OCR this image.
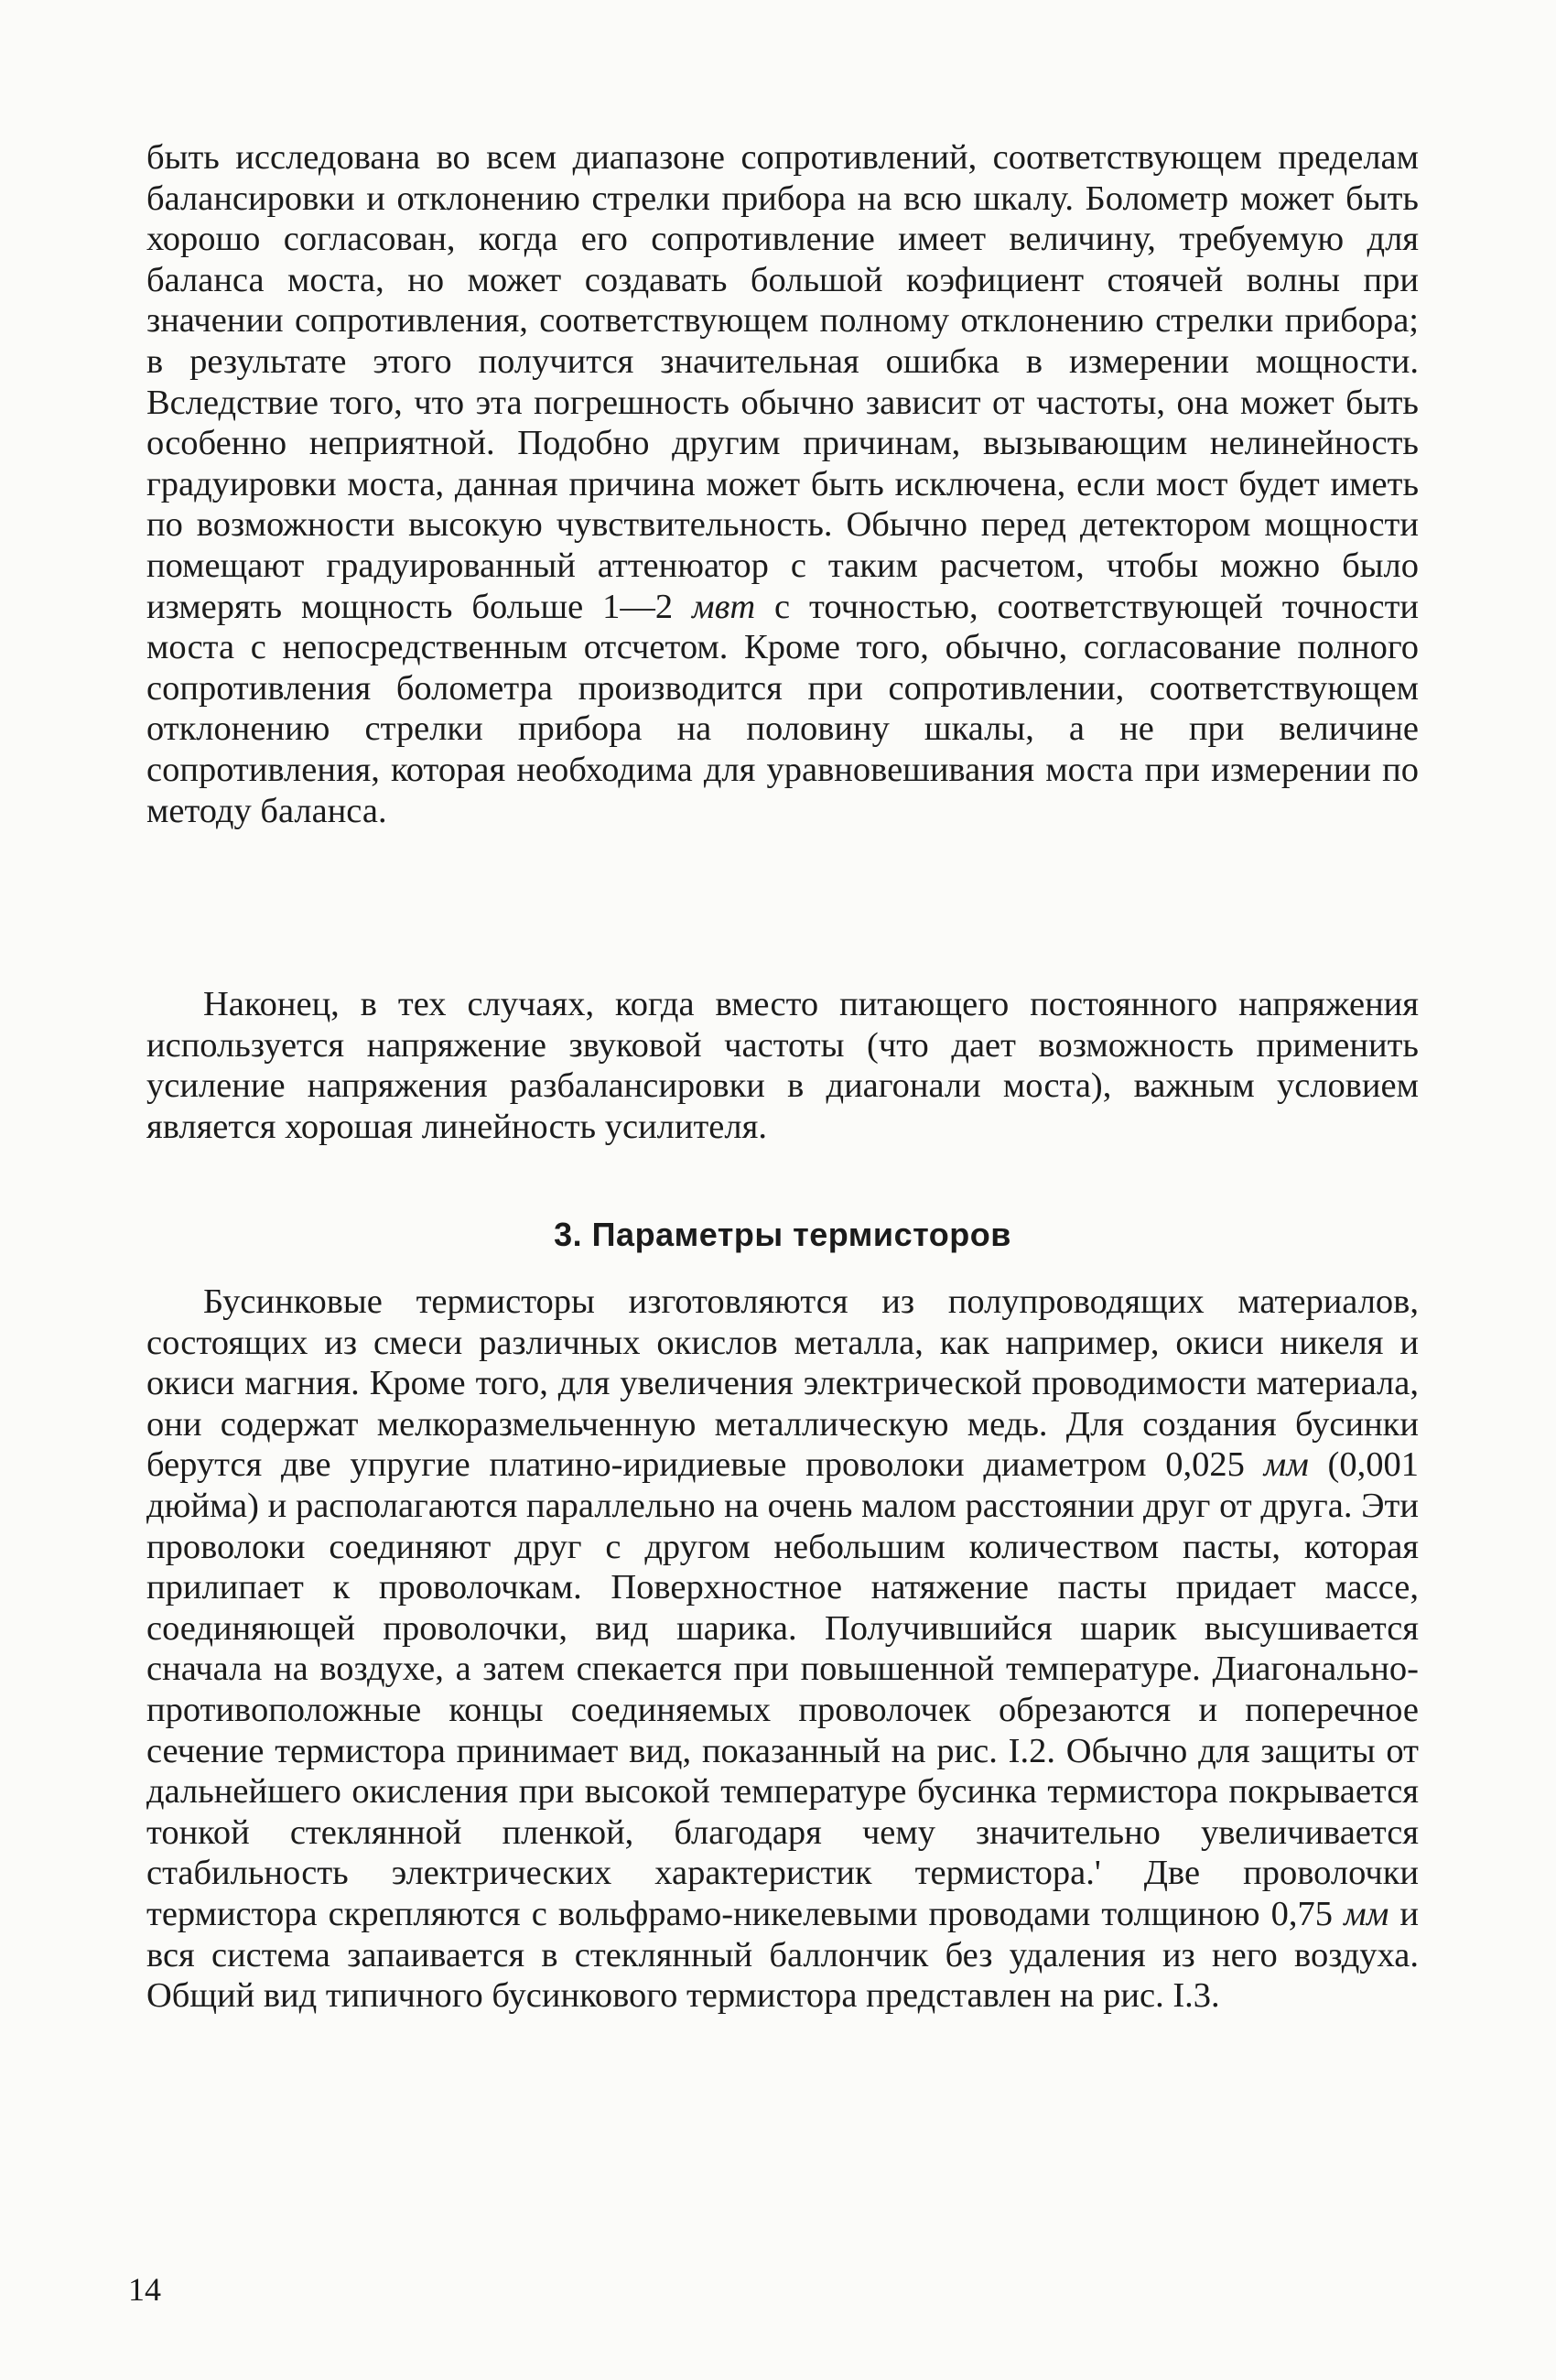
быть исследована во всем диапазоне сопротивлений, соответствующем пределам балансировки и отклонению стрелки прибора на всю шкалу. Болометр может быть хорошо согласован, когда его сопротивление имеет величину, требуемую для баланса моста, но может создавать большой коэфициент стоячей волны при значении сопротивления, соответствующем полному отклонению стрелки прибора; в результате этого получится значительная ошибка в измерении мощности. Вследствие того, что эта погрешность обычно зависит от частоты, она может быть особенно неприятной. Подобно другим причинам, вызывающим нелинейность градуировки моста, данная причина может быть исключена, если мост будет иметь по возможности высокую чувствительность. Обычно перед детектором мощности помещают градуированный аттенюатор с таким расчетом, чтобы можно было измерять мощность больше 1—2 мвт с точностью, соответствующей точности моста с непосредственным отсчетом. Кроме того, обычно, согласование полного сопротивления болометра производится при сопротивлении, соответствующем отклонению стрелки прибора на половину шкалы, а не при величине сопротивления, которая необходима для уравновешивания моста при измерении по методу баланса.

Наконец, в тех случаях, когда вместо питающего постоянного напряжения используется напряжение звуковой частоты (что дает возможность применить усиление напряжения разбалансировки в диагонали моста), важным условием является хорошая линейность усилителя.

3. Параметры термисторов

Бусинковые термисторы изготовляются из полупроводящих материалов, состоящих из смеси различных окислов металла, как например, окиси никеля и окиси магния. Кроме того, для увеличения электрической проводимости материала, они содержат мелкоразмельченную металлическую медь. Для создания бусинки берутся две упругие платино-иридиевые проволоки диаметром 0,025 мм (0,001 дюйма) и располагаются параллельно на очень малом расстоянии друг от друга. Эти проволоки соединяют друг с другом небольшим количеством пасты, которая прилипает к проволочкам. Поверхностное натяжение пасты придает массе, соединяющей проволочки, вид шарика. Получившийся шарик высушивается сначала на воздухе, а затем спекается при повышенной температуре. Диагонально-противоположные концы соединяемых проволочек обрезаются и поперечное сечение термистора принимает вид, показанный на рис. I.2. Обычно для защиты от дальнейшего окисления при высокой температуре бусинка термистора покрывается тонкой стеклянной пленкой, благодаря чему значительно увеличивается стабильность электрических характеристик термистора.' Две проволочки термистора скрепляются с вольфрамо-никелевыми проводами толщиною 0,75 мм и вся система запаивается в стеклянный баллончик без удаления из него воздуха. Общий вид типичного бусинкового термистора представлен на рис. I.3.

14
